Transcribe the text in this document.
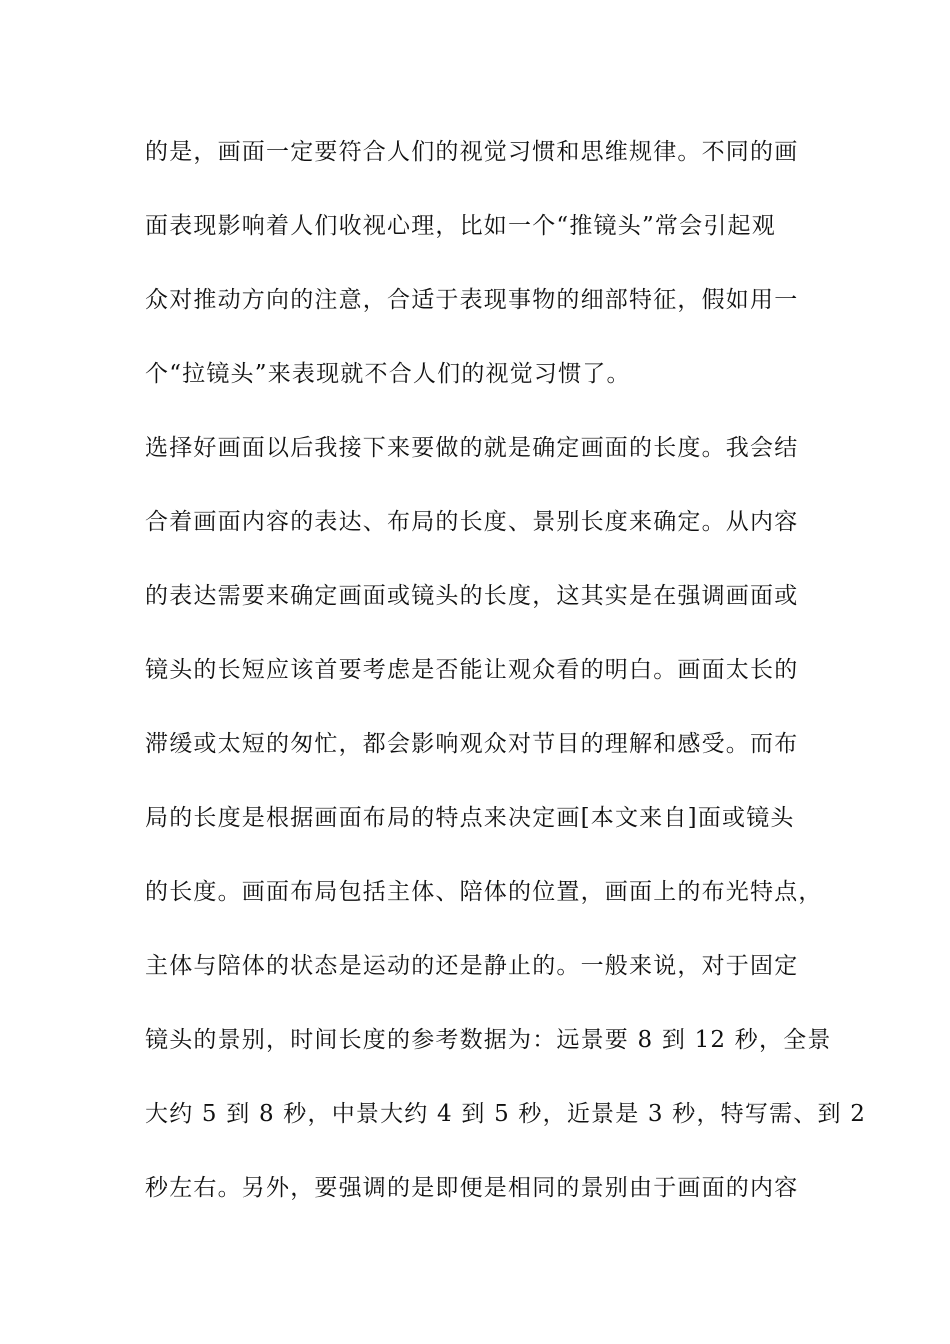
的是，画面一定要符合人们的视觉习惯和思维规律。不同的画
面表现影响着人们收视心理，比如一个“推镜头”常会引起观
众对推动方向的注意，合适于表现事物的细部特征，假如用一
个“拉镜头”来表现就不合人们的视觉习惯了。
选择好画面以后我接下来要做的就是确定画面的长度。我会结
合着画面内容的表达、布局的长度、景别长度来确定。从内容
的表达需要来确定画面或镜头的长度，这其实是在强调画面或
镜头的长短应该首要考虑是否能让观众看的明白。画面太长的
滞缓或太短的匆忙，都会影响观众对节目的理解和感受。而布
局的长度是根据画面布局的特点来决定画[本文来自]面或镜头
的长度。画面布局包括主体、陪体的位置，画面上的布光特点，
主体与陪体的状态是运动的还是静止的。一般来说，对于固定
镜头的景别，时间长度的参考数据为：远景要 8 到 12 秒，全景
大约 5 到 8 秒，中景大约 4 到 5 秒，近景是 3 秒，特写需、到 2
秒左右。另外，要强调的是即便是相同的景别由于画面的内容
